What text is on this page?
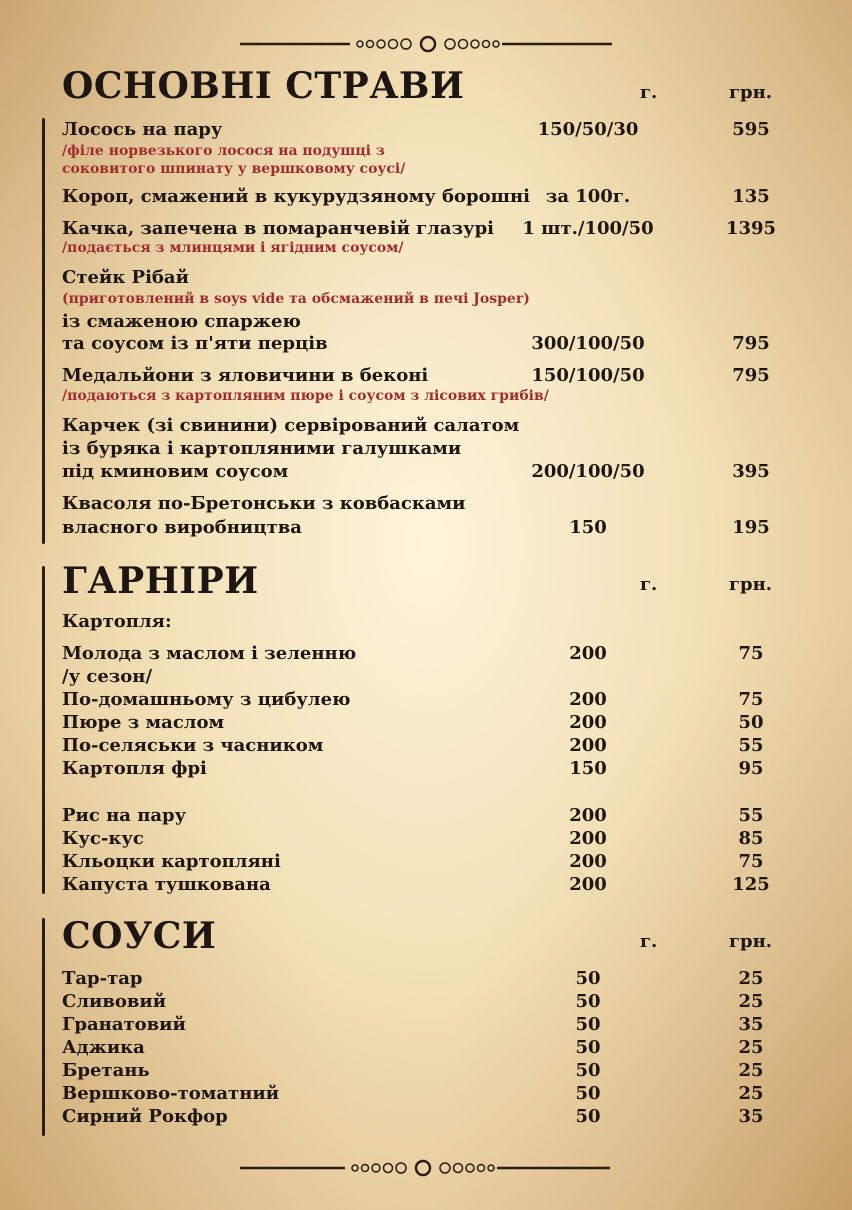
ОСНОВНІ СТРАВИ	г.	грн.
Лосось на пару	150/50/30	595
/філе норвезького лосося на подушці з
соковитого шпинату у вершковому соусі/
Короп, смажений в кукурудзяному борошні за 100г.	135
Качка, запечена в помаранчевій глазурі 1 шт./100/50	1395
/подається з млинцями і ягідним соусом/
Стейк Рібай
(приготовлений в soys vide та обсмажений в печі Josper)
із смаженою спаржею
та соусом із п'яти перців	300/100/50	795
Медальйони з яловичини в беконі	150/100/50	795
/подаються з картопляним пюре і соусом з лісових грибів/
Карчек (зі свинини) сервірований салатом
із буряка і картопляними галушками
під кминовим соусом	200/100/50	395
Квасоля по-Бретонськи з ковбасками
власного виробництва	150	195
ГАРНІРИ	г.	грн.
Картопля:
Молода з маслом і зеленню	200	75
/у сезон/
По-домашньому з цибулею	200	75
Пюре з маслом	200	50
По-селяськи з часником	200	55
Картопля фрі	150	95
Рис на пару	200	55
Кус-кус	200	85
Кльоцки картопляні	200	75
Капуста тушкована	200	125
СОУСИ	г.	грн.
Тар-тар	50	25
Сливовий	50	25
Гранатовий	50	35
Аджика	50	25
Бретань	50	25
Вершково-томатний	50	25
Сирний Рокфор	50	35
